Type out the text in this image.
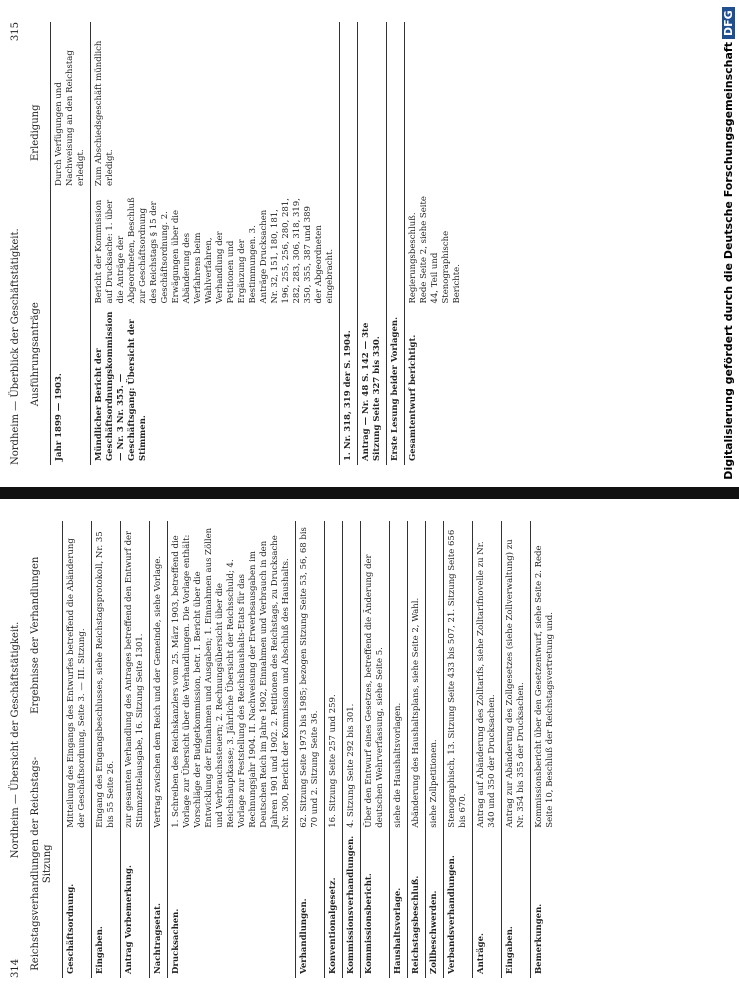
Nordheim — Überblick der Geschäftstätigkeit.
315
Ausführungsanträge
Erledigung
Jahr 1899 — 1903.		Durch Verfügungen und Nachweisung an den Reichstag erledigt.
Mündlicher Bericht der Geschäftsordnungskommission — Nr. 3 Nr. 355. — Geschäftsgang: Übersicht der Stimmen.	Bericht der Kommission auf Drucksache: 1. über die Anträge der Abgeordneten, Beschluß zur Geschäftsordnung des Reichstags § 15 der Geschäftsordnung. 2. Erwägungen über die Abänderung des Verfahrens beim Wahlverfahren, Verhandlung der Petitionen und Ergänzung der Bestimmungen. 3. Anträge Drucksachen Nr. 32, 151, 180, 181, 196, 255, 256, 280, 281, 282, 283, 306, 318, 319, 350, 355, 387 und 389 der Abgeordneten eingebracht.	Zum Abschiedsgeschäft mündlich erledigt.
1. Nr. 318, 319 der S. 1904.		
Antrag — Nr. 48 S. 142 — 3te Sitzung Seite 327 bis 330.		
Erste Lesung beider Vorlagen.		
Gesamtentwurf berichtigt.	Regierungsbeschluß. Rede Seite 2, siehe Seite 44, Teil und Stenographische Berichte.		Digitalisierung gefördert durch die Deutsche ForschungsgemeinschaftDFG
314
Nordheim — Übersicht der Geschäftstätigkeit.
Reichstagsverhandlungen der Reichstags-Sitzung
Ergebnisse der Verhandlungen
Geschäftsordnung.	Mitteilung des Eingangs des Entwurfes betreffend die Abänderung der Geschäftsordnung, Seite 3. — III. Sitzung.
Eingaben.	Eingang des Eingangsbeschlusses, siehe Reichstagsprotokoll, Nr. 35 bis 55 Seite 26.
Antrag Vorbemerkung.	zur gesamten Verhandlung des Antrages betreffend den Entwurf der Stimmzettelausgabe, 16. Sitzung Seite 1301.
Nachtragsetat.	Vertrag zwischen dem Reich und der Gemeinde, siehe Vorlage.
Drucksachen.	1. Schreiben des Reichskanzlers vom 25. März 1903, betreffend die Vorlage zur Übersicht über die Verhandlungen. Die Vorlage enthält: Vorschläge der Budgetkommission, betr. I. Bericht über die Entwicklung der Einnahmen und Ausgaben; 1. Einnahmen aus Zöllen und Verbrauchssteuern; 2. Rechnungsübersicht über die Reichshauptkasse; 3. Jährliche Übersicht der Reichsschuld; 4. Vorlage zur Feststellung des Reichshaushalts-Etats für das Rechnungsjahr 1904. II. Nachweisung der Erwerbsausgaben im Deutschen Reich im Jahre 1902, Einnahmen und Verbrauch in den Jahren 1901 und 1902. 2. Petitionen des Reichstags, zu Drucksache Nr. 300, Bericht der Kommission und Abschluß des Haushalts.
Verhandlungen.	62. Sitzung Seite 1973 bis 1985; bezogen Sitzung Seite 53, 56, 68 bis 70 und 2. Sitzung Seite 36.
Konventionalgesetz.	16. Sitzung Seite 257 und 259.
Kommissionsverhandlungen.	4. Sitzung Seite 292 bis 301.
Kommissionsbericht.	Über den Entwurf eines Gesetzes, betreffend die Änderung der deutschen Wehrverfassung, siehe Seite 5.
Haushaltsvorlage.	siehe die Haushaltsvorlagen.
Reichstagsbeschluß.	Abänderung des Haushaltsplans, siehe Seite 2, Wahl.
Zollbeschwerden.	siehe Zollpetitionen.
Verbandsverhandlungen.	Stenographisch, 13. Sitzung Seite 433 bis 507, 21. Sitzung Seite 656 bis 670.
Anträge.	Antrag auf Abänderung des Zolltarifs, siehe Zolltarifnovelle zu Nr. 340 und 350 der Drucksachen.
Eingaben.	Antrag zur Abänderung des Zollgesetzes (siehe Zollverwaltung) zu Nr. 354 bis 355 der Drucksachen.
Bemerkungen.	Kommissionsbericht über den Gesetzentwurf, siehe Seite 2. Rede Seite 10, Beschluß der Reichstagsvertretung und.
